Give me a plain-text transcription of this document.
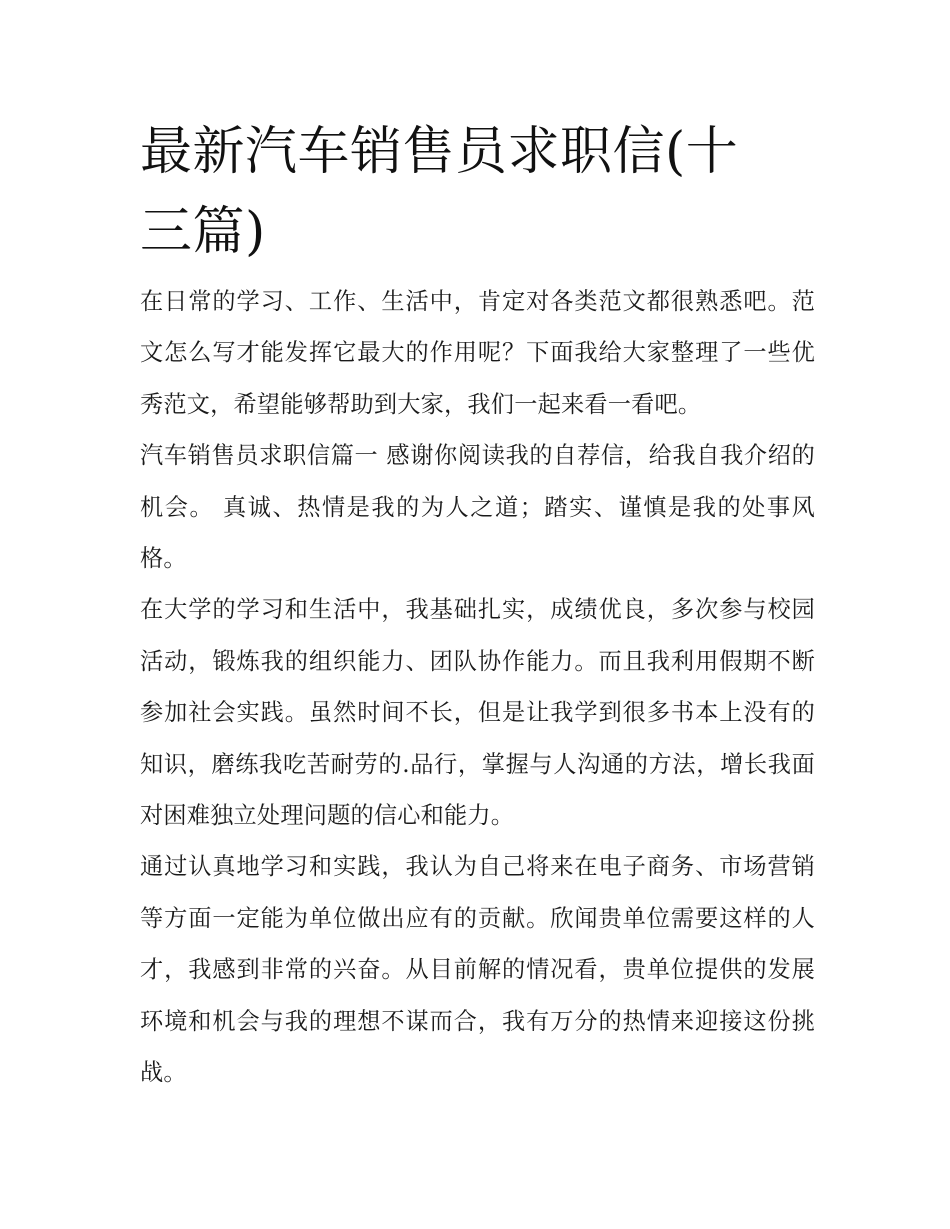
最新汽车销售员求职信(十三篇)

在日常的学习、工作、生活中，肯定对各类范文都很熟悉吧。范文怎么写才能发挥它最大的作用呢？下面我给大家整理了一些优秀范文，希望能够帮助到大家，我们一起来看一看吧。

汽车销售员求职信篇一 感谢你阅读我的自荐信，给我自我介绍的机会。 真诚、热情是我的为人之道；踏实、谨慎是我的处事风格。

在大学的学习和生活中，我基础扎实，成绩优良，多次参与校园活动，锻炼我的组织能力、团队协作能力。而且我利用假期不断参加社会实践。虽然时间不长，但是让我学到很多书本上没有的知识，磨练我吃苦耐劳的.品行，掌握与人沟通的方法，增长我面对困难独立处理问题的信心和能力。

通过认真地学习和实践，我认为自己将来在电子商务、市场营销等方面一定能为单位做出应有的贡献。欣闻贵单位需要这样的人才，我感到非常的兴奋。从目前解的情况看，贵单位提供的发展环境和机会与我的理想不谋而合，我有万分的热情来迎接这份挑战。
